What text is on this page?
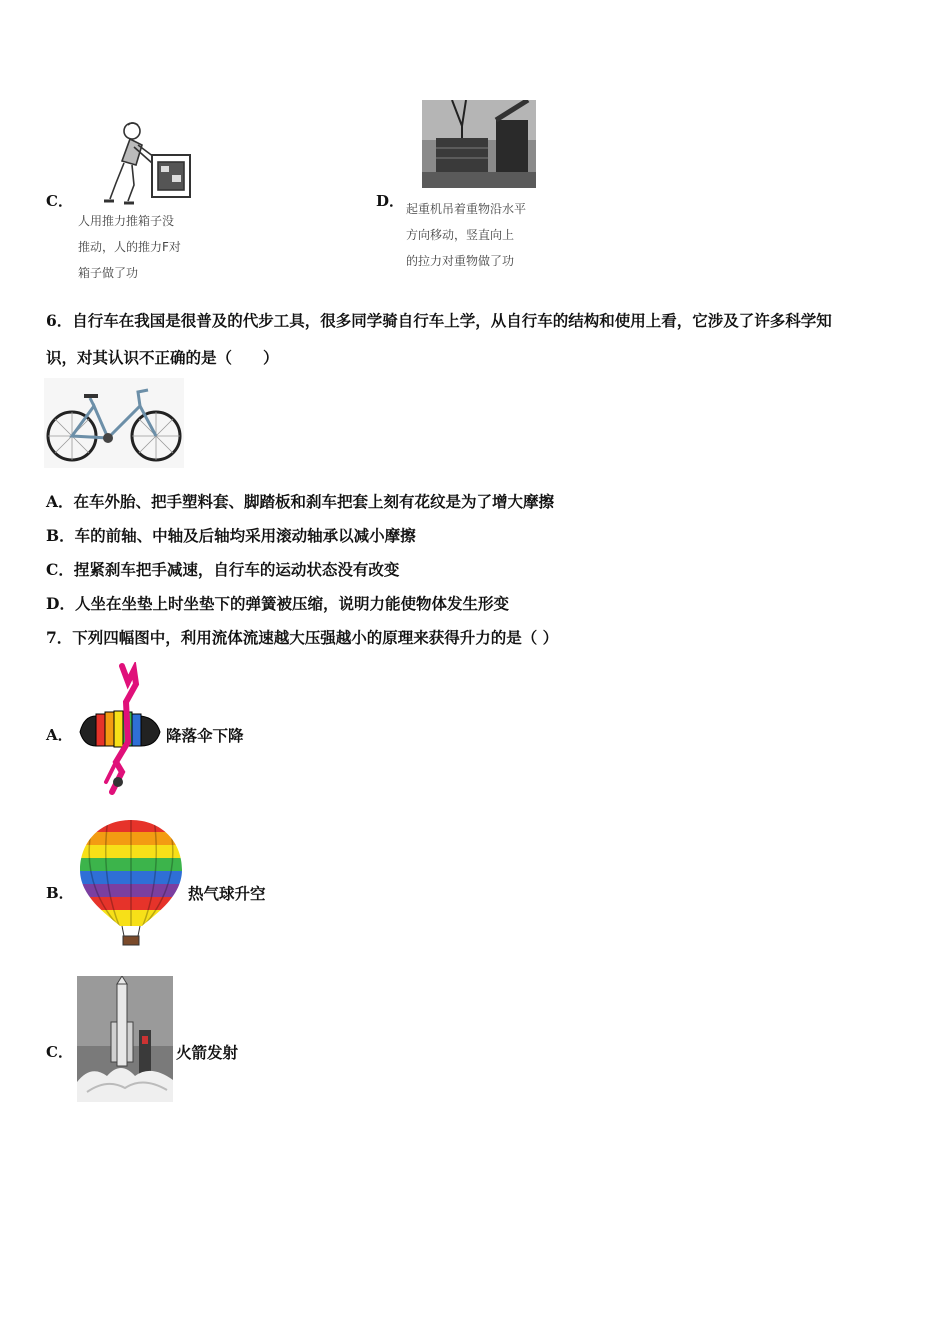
C．
人用推力推箱子没
推动，人的推力F对
箱子做了功
D． 起重机吊着重物沿水平
方向移动，竖直向上
的拉力对重物做了功
6．自行车在我国是很普及的代步工具，很多同学骑自行车上学，从自行车的结构和使用上看，它涉及了许多科学知
识，对其认识不正确的是（　　）
A．在车外胎、把手塑料套、脚踏板和刹车把套上刻有花纹是为了增大摩擦
B．车的前轴、中轴及后轴均采用滚动轴承以减小摩擦
C．捏紧刹车把手减速，自行车的运动状态没有改变
D．人坐在坐垫上时坐垫下的弹簧被压缩，说明力能使物体发生形变
7．下列四幅图中，利用流体流速越大压强越小的原理来获得升力的是（ ）
A．	降落伞下降
B．	热气球升空
C．	火箭发射
